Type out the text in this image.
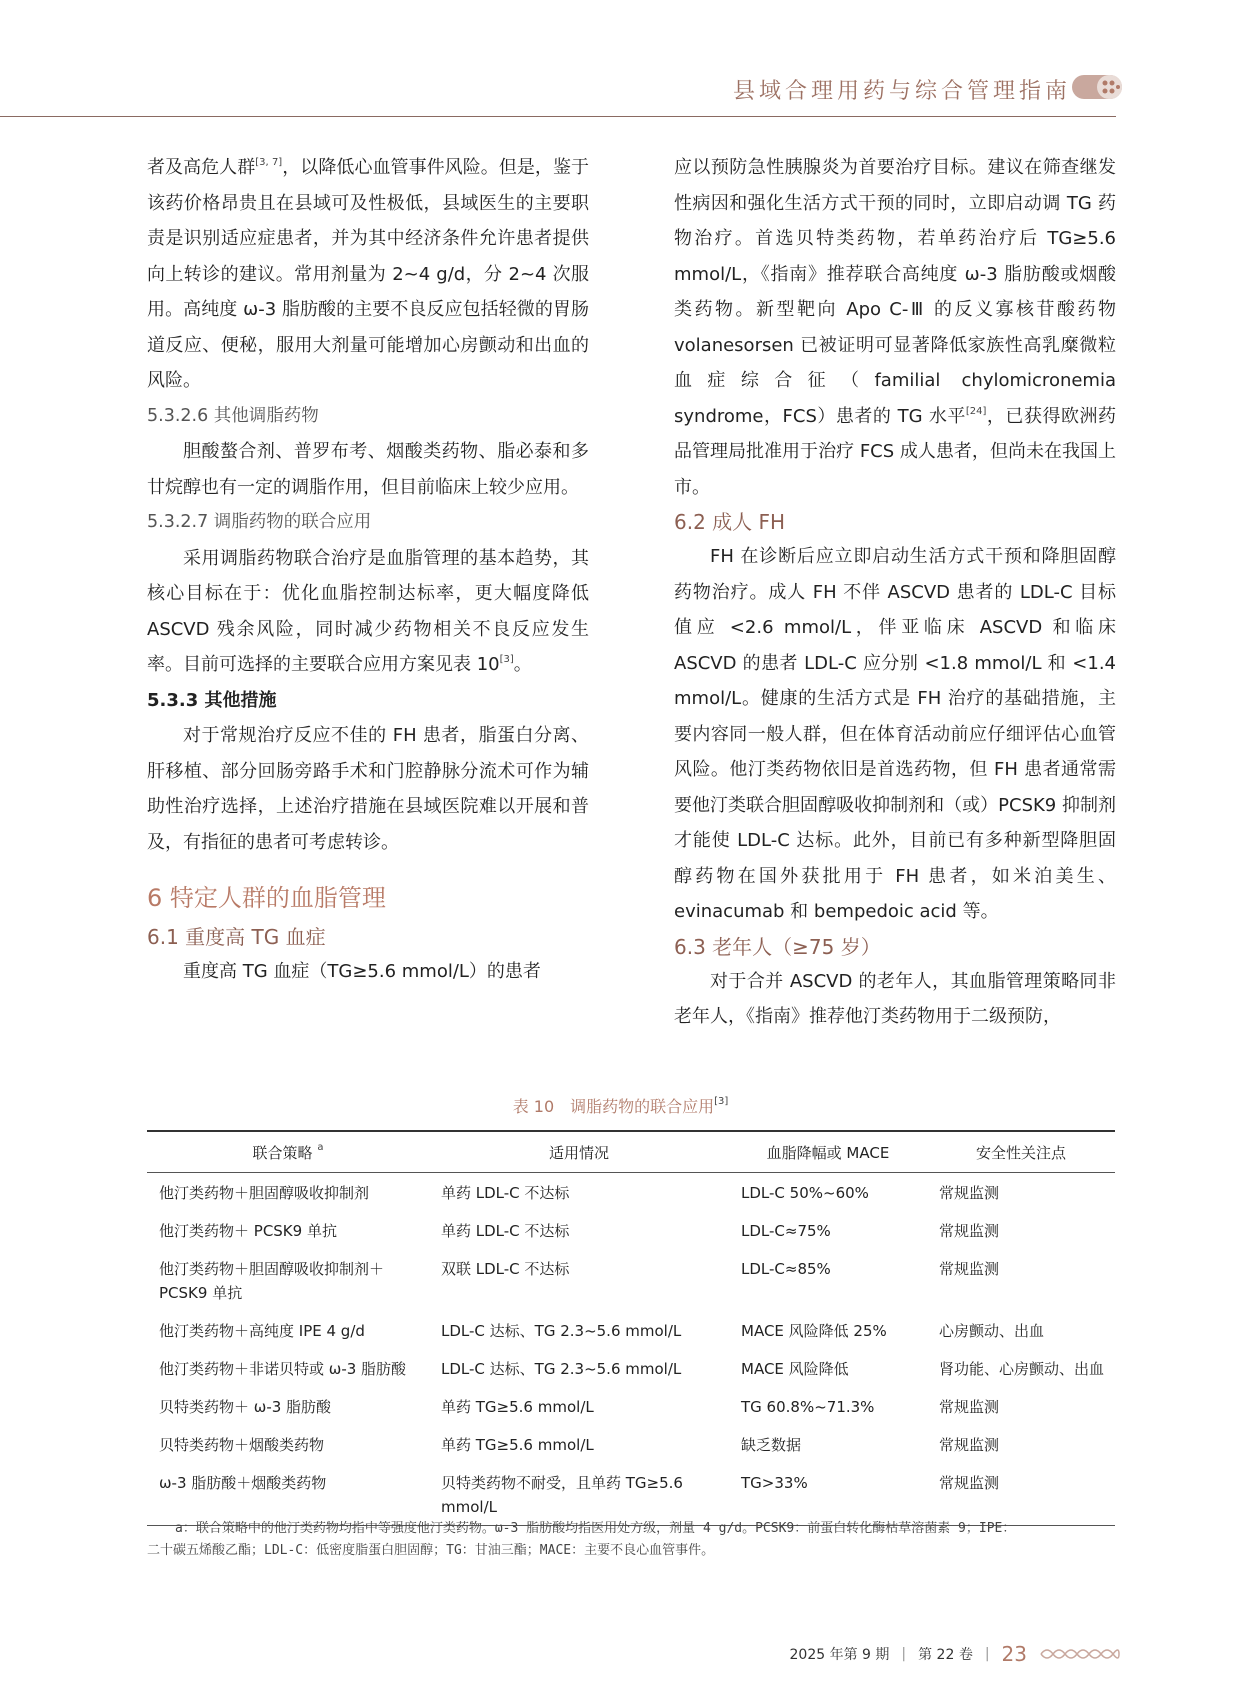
县域合理用药与综合管理指南

者及高危人群[3, 7]，以降低心血管事件风险。但是，鉴于该药价格昂贵且在县域可及性极低，县域医生的主要职责是识别适应症患者，并为其中经济条件允许患者提供向上转诊的建议。常用剂量为 2~4 g/d，分 2~4 次服用。高纯度 ω-3 脂肪酸的主要不良反应包括轻微的胃肠道反应、便秘，服用大剂量可能增加心房颤动和出血的风险。

5.3.2.6 其他调脂药物

胆酸螯合剂、普罗布考、烟酸类药物、脂必泰和多廿烷醇也有一定的调脂作用，但目前临床上较少应用。

5.3.2.7 调脂药物的联合应用

采用调脂药物联合治疗是血脂管理的基本趋势，其核心目标在于：优化血脂控制达标率，更大幅度降低 ASCVD 残余风险，同时减少药物相关不良反应发生率。目前可选择的主要联合应用方案见表 10[3]。

5.3.3 其他措施

对于常规治疗反应不佳的 FH 患者，脂蛋白分离、肝移植、部分回肠旁路手术和门腔静脉分流术可作为辅助性治疗选择，上述治疗措施在县域医院难以开展和普及，有指征的患者可考虑转诊。

6 特定人群的血脂管理
6.1 重度高 TG 血症

重度高 TG 血症（TG≥5.6 mmol/L）的患者

应以预防急性胰腺炎为首要治疗目标。建议在筛查继发性病因和强化生活方式干预的同时，立即启动调 TG 药物治疗。首选贝特类药物，若单药治疗后 TG≥5.6 mmol/L，《指南》推荐联合高纯度 ω-3 脂肪酸或烟酸类药物。新型靶向 Apo C-Ⅲ 的反义寡核苷酸药物 volanesorsen 已被证明可显著降低家族性高乳糜微粒血症综合征（familial chylomicronemia syndrome，FCS）患者的 TG 水平[24]，已获得欧洲药品管理局批准用于治疗 FCS 成人患者，但尚未在我国上市。

6.2 成人 FH

FH 在诊断后应立即启动生活方式干预和降胆固醇药物治疗。成人 FH 不伴 ASCVD 患者的 LDL-C 目标值应 <2.6 mmol/L，伴亚临床 ASCVD 和临床 ASCVD 的患者 LDL-C 应分别 <1.8 mmol/L 和 <1.4 mmol/L。健康的生活方式是 FH 治疗的基础措施，主要内容同一般人群，但在体育活动前应仔细评估心血管风险。他汀类药物依旧是首选药物，但 FH 患者通常需要他汀类联合胆固醇吸收抑制剂和（或）PCSK9 抑制剂才能使 LDL-C 达标。此外，目前已有多种新型降胆固醇药物在国外获批用于 FH 患者，如米泊美生、evinacumab 和 bempedoic acid 等。

6.3 老年人（≥75 岁）

对于合并 ASCVD 的老年人，其血脂管理策略同非老年人，《指南》推荐他汀类药物用于二级预防，

表 10　调脂药物的联合应用[3]
联合策略 $^a$	适用情况	血脂降幅或 MACE	安全性关注点
他汀类药物＋胆固醇吸收抑制剂	单药 LDL-C 不达标	LDL-C 50%~60%	常规监测
他汀类药物＋ PCSK9 单抗	单药 LDL-C 不达标	LDL-C≈75%	常规监测
他汀类药物＋胆固醇吸收抑制剂＋PCSK9 单抗	双联 LDL-C 不达标	LDL-C≈85%	常规监测
他汀类药物＋高纯度 IPE 4 g/d	LDL-C 达标、TG 2.3~5.6 mmol/L	MACE 风险降低 25%	心房颤动、出血
他汀类药物＋非诺贝特或 ω-3 脂肪酸	LDL-C 达标、TG 2.3~5.6 mmol/L	MACE 风险降低	肾功能、心房颤动、出血
贝特类药物＋ ω-3 脂肪酸	单药 TG≥5.6 mmol/L	TG 60.8%~71.3%	常规监测
贝特类药物＋烟酸类药物	单药 TG≥5.6 mmol/L	缺乏数据	常规监测
ω-3 脂肪酸＋烟酸类药物	贝特类药物不耐受，且单药 TG≥5.6 mmol/L	TG>33%	常规监测
a：联合策略中的他汀类药物均指中等强度他汀类药物。ω-3 脂肪酸均指医用处方级，剂量 4 g/d。PCSK9：前蛋白转化酶枯草溶菌素 9；IPE：
二十碳五烯酸乙酯；LDL-C：低密度脂蛋白胆固醇；TG：甘油三酯；MACE：主要不良心血管事件。
2025 年第 9 期 | 第 22 卷 | 23
